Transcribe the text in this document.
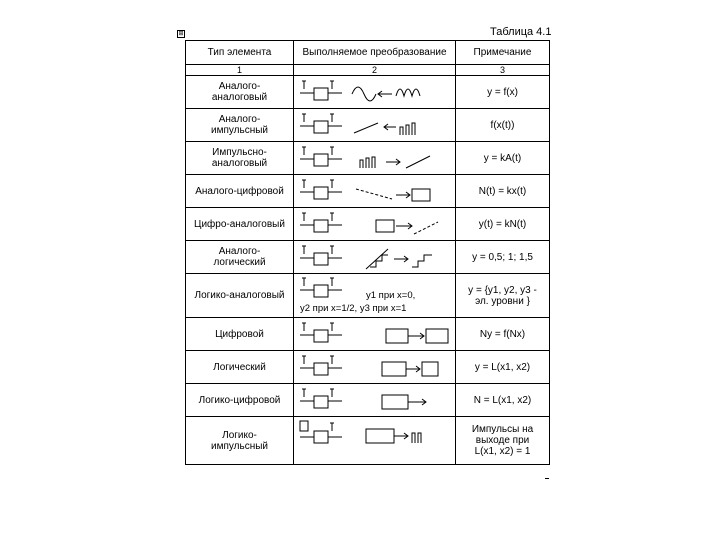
⊞	Таблица 4.1
Тип элемента	Выполняемое преобразование	Примечание
1	2	3
Аналого-
аналоговый		y = f(x)
Аналого-
импульсный		f(x(t))
Импульсно-
аналоговый		y = kA(t)
Аналого-цифровой		N(t) = kx(t)
Цифро-аналоговый		y(t) = kN(t)
Аналого-
логический		y = 0,5; 1; 1,5
Логико-аналоговый	y1 при x=0,
y2 при x=1/2, y3 при x=1	y = {y1, y2, y3 -
эл. уровни }
Цифровой		Ny = f(Nx)
Логический		y = L(x1, x2)
Логико-цифровой		N = L(x1, x2)
Логико-
импульсный		Импульсы на
выходе при
L(x1, x2) = 1
